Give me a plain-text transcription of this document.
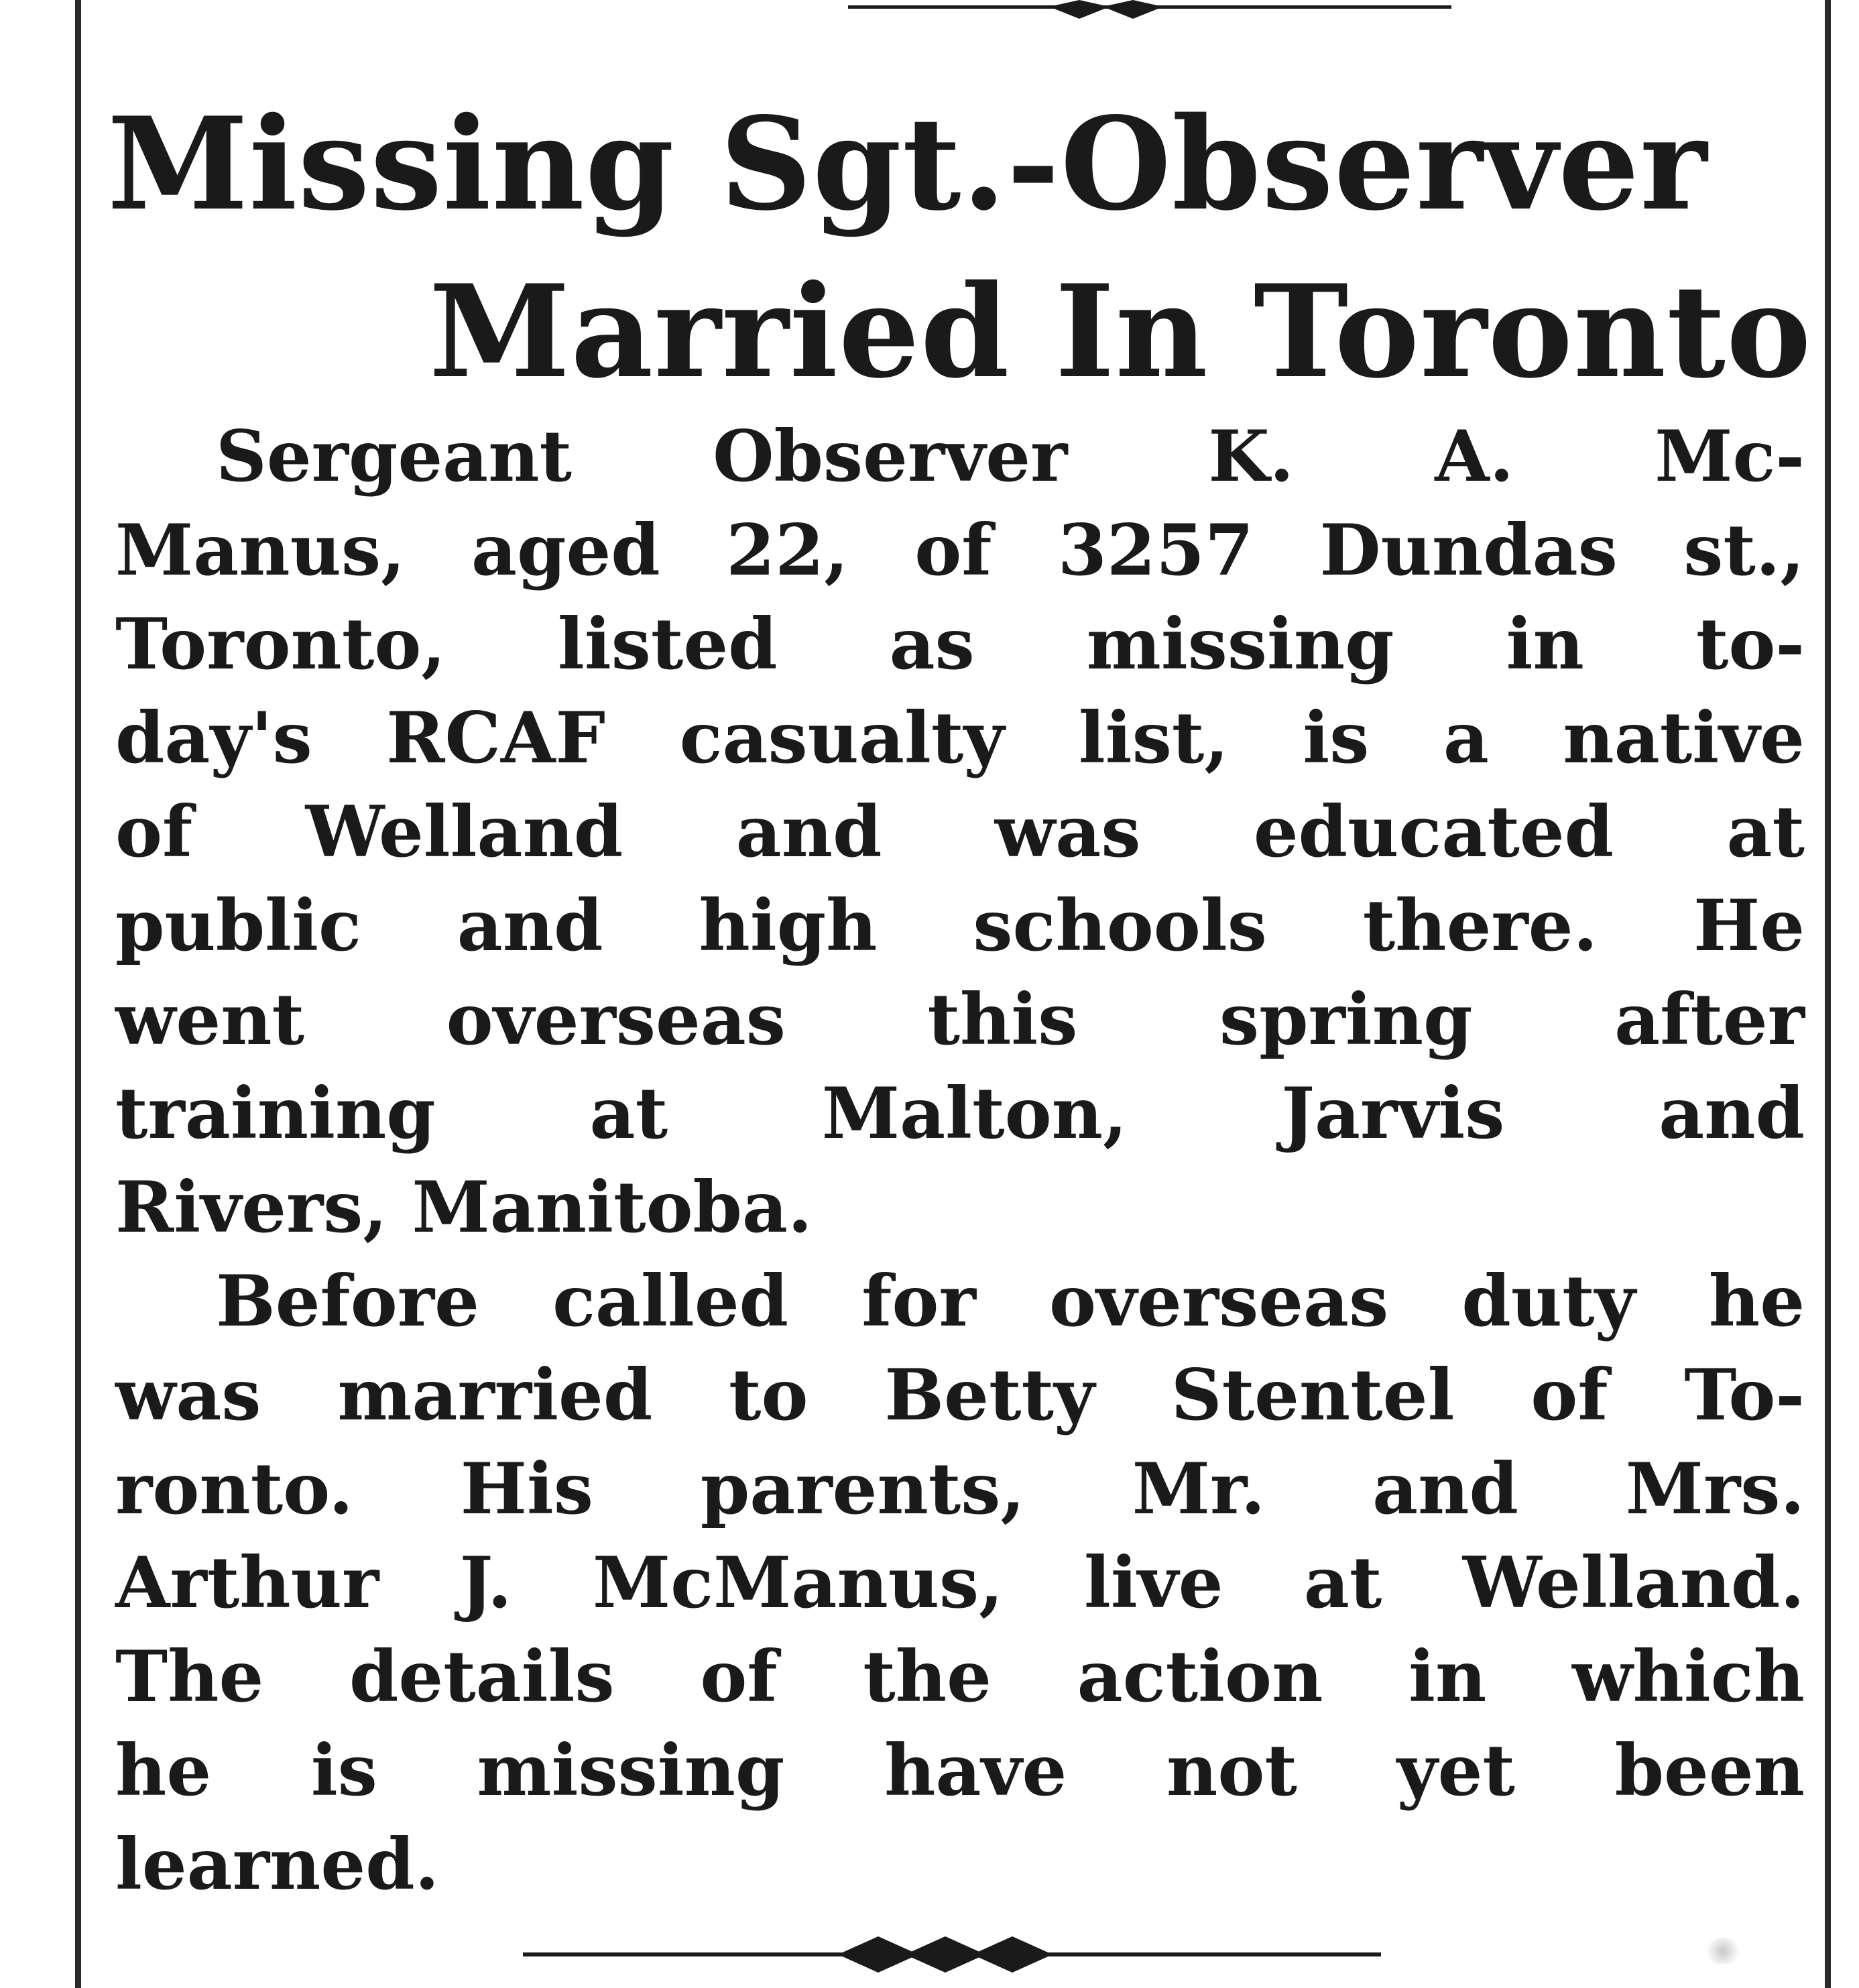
Missing Sgt.-Observer
Married In Toronto
Sergeant Observer K. A. Mc-
Manus, aged 22, of 3257 Dundas st.,
Toronto, listed as missing in to-
day's RCAF casualty list, is a native
of Welland and was educated at
public and high schools there. He
went overseas this spring after
training at Malton, Jarvis and
Rivers, Manitoba.
Before called for overseas duty he
was married to Betty Stentel of To-
ronto. His parents, Mr. and Mrs.
Arthur J. McManus, live at Welland.
The details of the action in which
he is missing have not yet been
learned.
